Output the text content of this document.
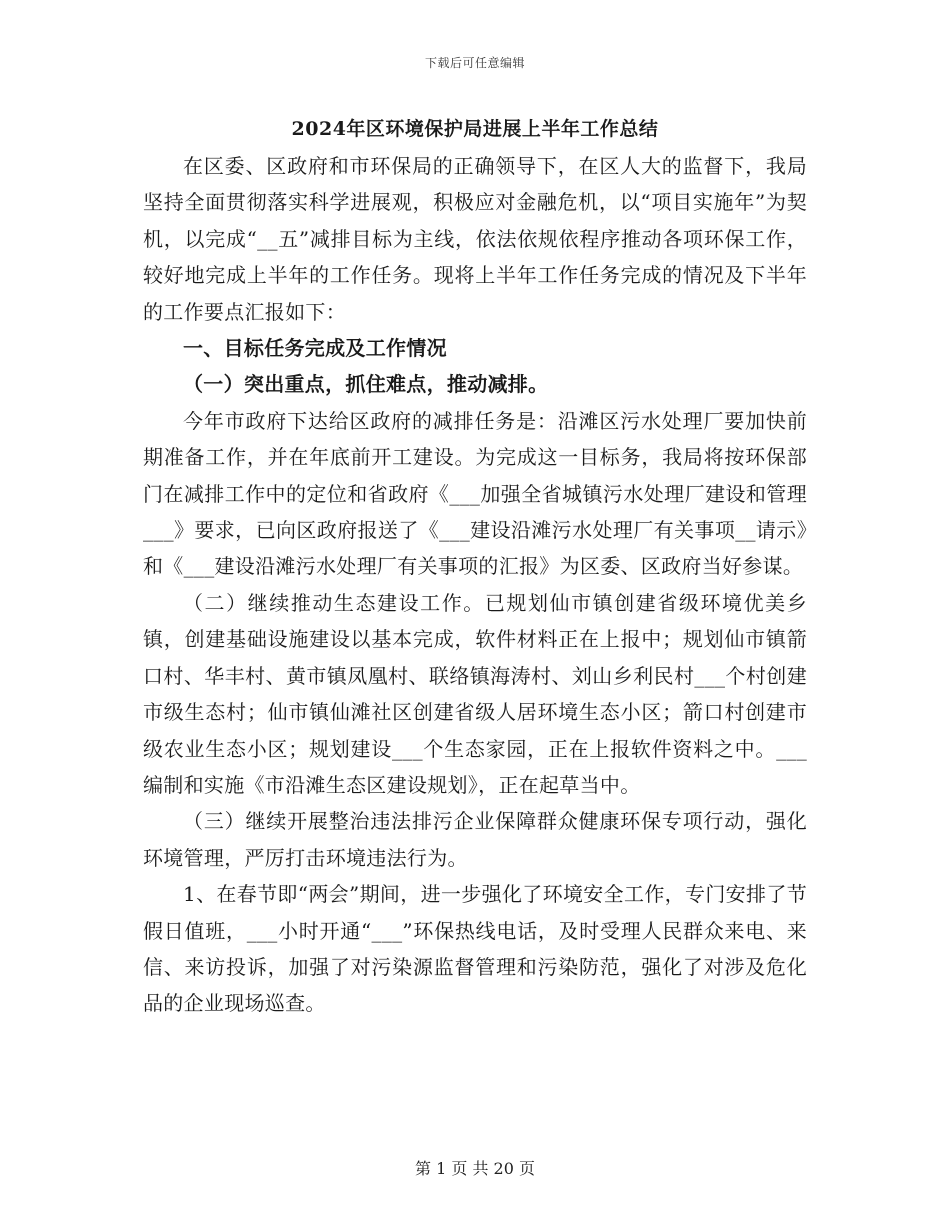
下载后可任意编辑
2024年区环境保护局进展上半年工作总结

在区委、区政府和市环保局的正确领导下，在区人大的监督下，我局坚持全面贯彻落实科学进展观，积极应对金融危机，以“项目实施年”为契机，以完成“__五”减排目标为主线，依法依规依程序推动各项环保工作，较好地完成上半年的工作任务。现将上半年工作任务完成的情况及下半年的工作要点汇报如下：

一、目标任务完成及工作情况

（一）突出重点，抓住难点，推动减排。

今年市政府下达给区政府的减排任务是：沿滩区污水处理厂要加快前期准备工作，并在年底前开工建设。为完成这一目标务，我局将按环保部门在减排工作中的定位和省政府《___加强全省城镇污水处理厂建设和管理___》要求，已向区政府报送了《___建设沿滩污水处理厂有关事项__请示》和《___建设沿滩污水处理厂有关事项的汇报》为区委、区政府当好参谋。

（二）继续推动生态建设工作。已规划仙市镇创建省级环境优美乡镇，创建基础设施建设以基本完成，软件材料正在上报中；规划仙市镇箭口村、华丰村、黄市镇凤凰村、联络镇海涛村、刘山乡利民村___个村创建市级生态村；仙市镇仙滩社区创建省级人居环境生态小区；箭口村创建市级农业生态小区；规划建设___个生态家园，正在上报软件资料之中。___编制和实施《市沿滩生态区建设规划》，正在起草当中。

（三）继续开展整治违法排污企业保障群众健康环保专项行动，强化环境管理，严厉打击环境违法行为。

1、在春节即“两会”期间，进一步强化了环境安全工作，专门安排了节假日值班，___小时开通“___”环保热线电话，及时受理人民群众来电、来信、来访投诉，加强了对污染源监督管理和污染防范，强化了对涉及危化品的企业现场巡查。

第 1 页 共 20 页
